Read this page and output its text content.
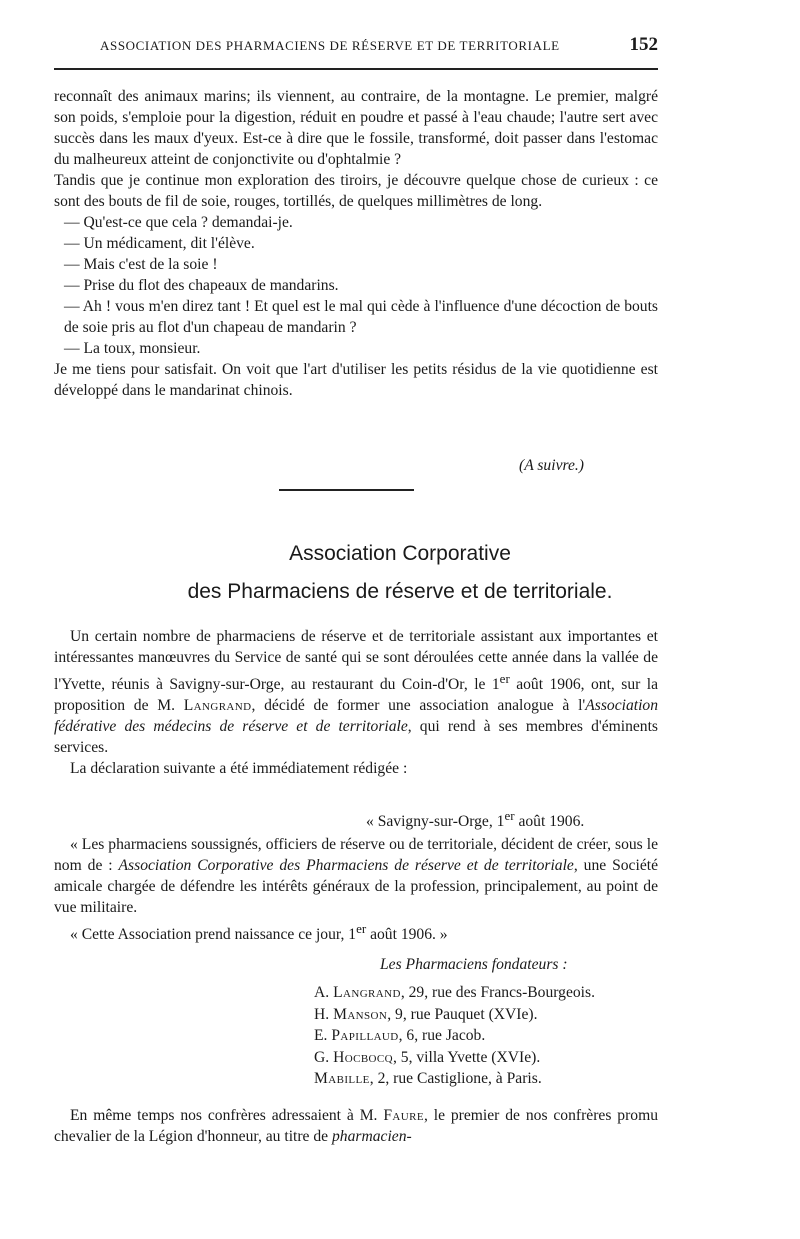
ASSOCIATION DES PHARMACIENS DE RÉSERVE ET DE TERRITORIALE	152

reconnaît des animaux marins; ils viennent, au contraire, de la montagne. Le premier, malgré son poids, s'emploie pour la digestion, réduit en poudre et passé à l'eau chaude; l'autre sert avec succès dans les maux d'yeux. Est-ce à dire que le fossile, transformé, doit passer dans l'estomac du malheureux atteint de conjonctivite ou d'ophtalmie ?

Tandis que je continue mon exploration des tiroirs, je découvre quelque chose de curieux : ce sont des bouts de fil de soie, rouges, tortillés, de quelques millimètres de long.

— Qu'est-ce que cela ? demandai-je.

— Un médicament, dit l'élève.

— Mais c'est de la soie !

— Prise du flot des chapeaux de mandarins.

— Ah ! vous m'en direz tant ! Et quel est le mal qui cède à l'influence d'une décoction de bouts de soie pris au flot d'un chapeau de mandarin ?

— La toux, monsieur.

Je me tiens pour satisfait. On voit que l'art d'utiliser les petits résidus de la vie quotidienne est développé dans le mandarinat chinois.

(A suivre.)
Association Corporative
des Pharmaciens de réserve et de territoriale.

Un certain nombre de pharmaciens de réserve et de territoriale assistant aux importantes et intéressantes manœuvres du Service de santé qui se sont déroulées cette année dans la vallée de l'Yvette, réunis à Savigny-sur-Orge, au restaurant du Coin-d'Or, le 1er août 1906, ont, sur la proposition de M. Langrand, décidé de former une association analogue à l'Association fédérative des médecins de réserve et de territoriale, qui rend à ses membres d'éminents services.

La déclaration suivante a été immédiatement rédigée :

« Savigny-sur-Orge, 1er août 1906.

« Les pharmaciens soussignés, officiers de réserve ou de territoriale, décident de créer, sous le nom de : Association Corporative des Pharmaciens de réserve et de territoriale, une Société amicale chargée de défendre les intérêts généraux de la profession, principalement, au point de vue militaire.

« Cette Association prend naissance ce jour, 1er août 1906. »

Les Pharmaciens fondateurs :
A. Langrand, 29, rue des Francs-Bourgeois.
H. Manson, 9, rue Pauquet (XVIe).
E. Papillaud, 6, rue Jacob.
G. Hocbocq, 5, villa Yvette (XVIe).
Mabille, 2, rue Castiglione, à Paris.

En même temps nos confrères adressaient à M. Faure, le premier de nos confrères promu chevalier de la Légion d'honneur, au titre de pharmacien-
